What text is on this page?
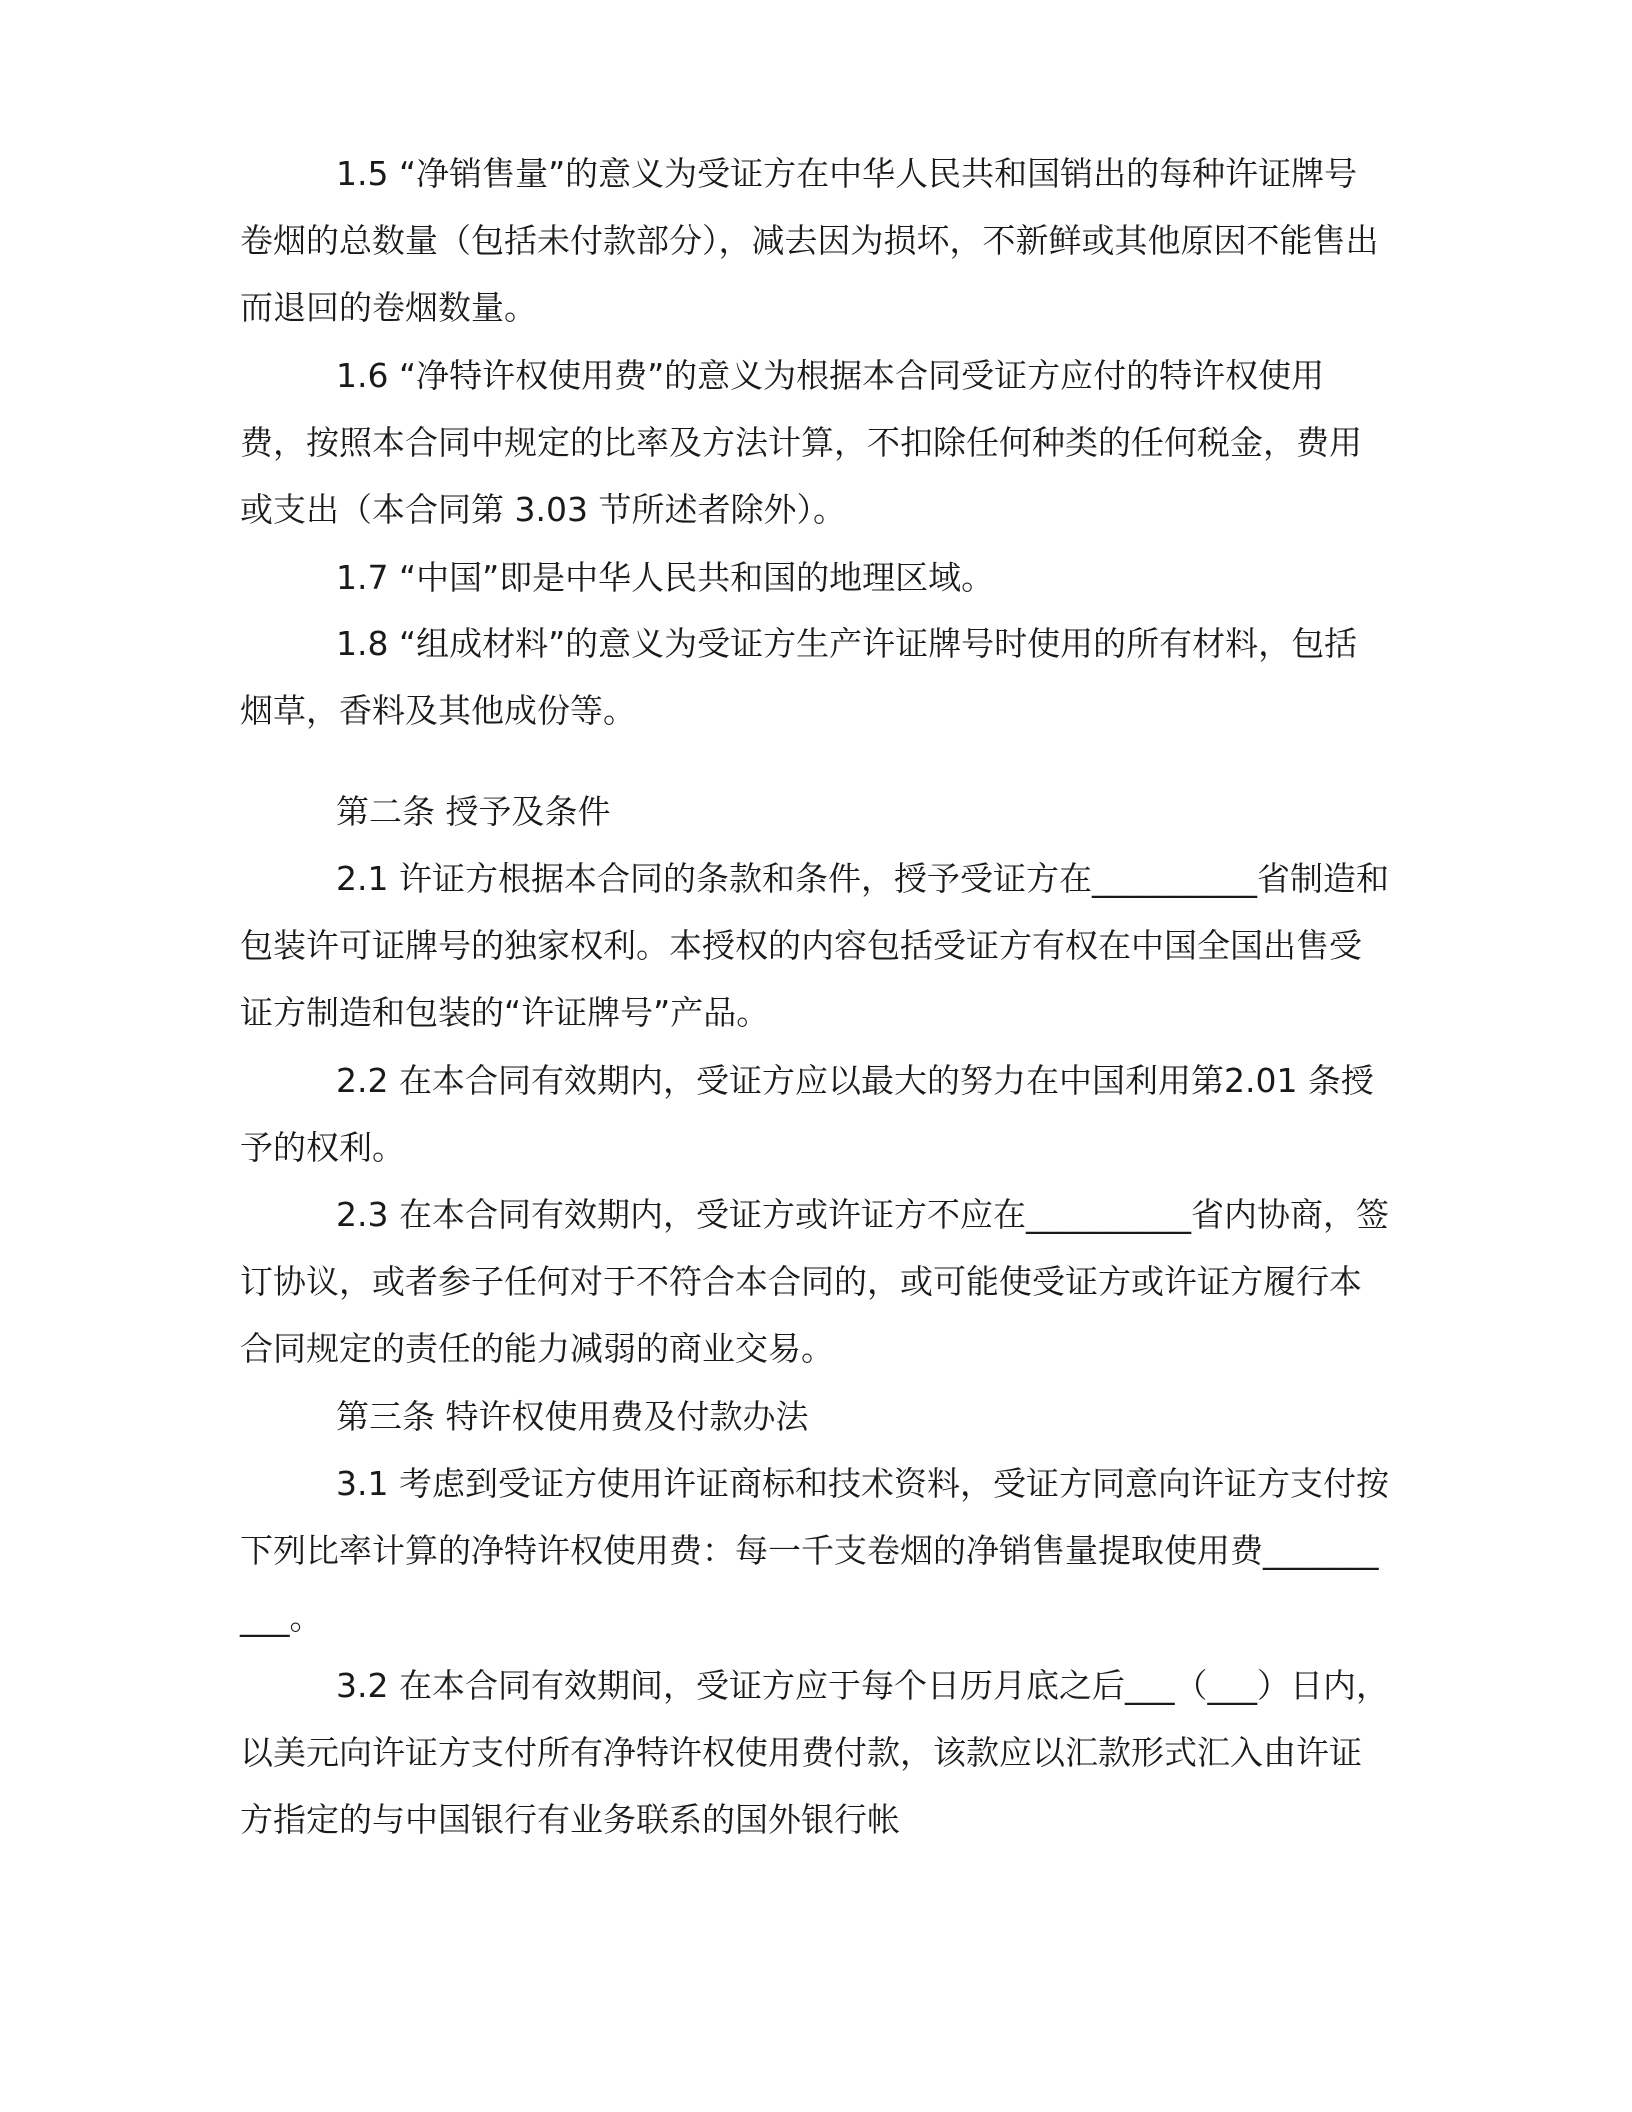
1.5 “净销售量”的意义为受证方在中华人民共和国销出的每种许证牌号卷烟的总数量（包括未付款部分），减去因为损坏，不新鲜或其他原因不能售出而退回的卷烟数量。

1.6 “净特许权使用费”的意义为根据本合同受证方应付的特许权使用费，按照本合同中规定的比率及方法计算，不扣除任何种类的任何税金，费用或支出（本合同第 3.03 节所述者除外）。

1.7 “中国”即是中华人民共和国的地理区域。

1.8 “组成材料”的意义为受证方生产许证牌号时使用的所有材料，包括烟草，香料及其他成份等。

第二条 授予及条件

2.1 许证方根据本合同的条款和条件，授予受证方在__________省制造和包装许可证牌号的独家权利。本授权的内容包括受证方有权在中国全国出售受证方制造和包装的“许证牌号”产品。

2.2 在本合同有效期内，受证方应以最大的努力在中国利用第2.01 条授予的权利。

2.3 在本合同有效期内，受证方或许证方不应在__________省内协商，签订协议，或者参子任何对于不符合本合同的，或可能使受证方或许证方履行本合同规定的责任的能力减弱的商业交易。

第三条 特许权使用费及付款办法

3.1 考虑到受证方使用许证商标和技术资料，受证方同意向许证方支付按下列比率计算的净特许权使用费：每一千支卷烟的净销售量提取使用费__________。

3.2 在本合同有效期间，受证方应于每个日历月底之后___（___）日内，以美元向许证方支付所有净特许权使用费付款，该款应以汇款形式汇入由许证方指定的与中国银行有业务联系的国外银行帐
